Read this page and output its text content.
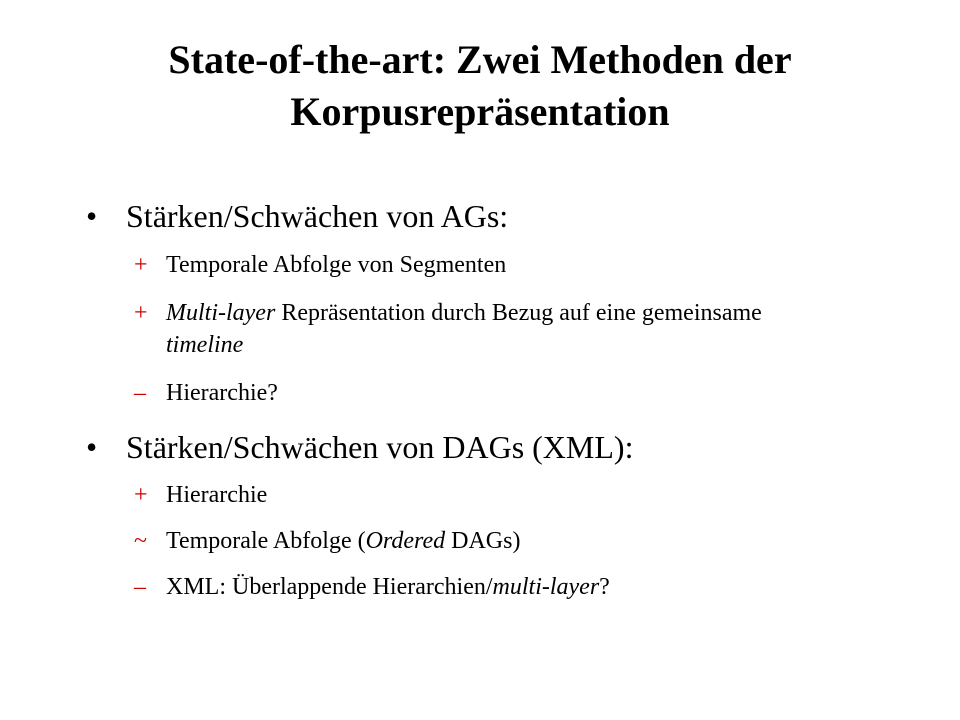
State-of-the-art: Zwei Methoden der
Korpusrepräsentation
• Stärken/Schwächen von AGs:
+ Temporale Abfolge von Segmenten
+ Multi-layer Repräsentation durch Bezug auf eine gemeinsame timeline
– Hierarchie?
• Stärken/Schwächen von DAGs (XML):
+ Hierarchie
~ Temporale Abfolge (Ordered DAGs)
– XML: Überlappende Hierarchien/multi-layer?
